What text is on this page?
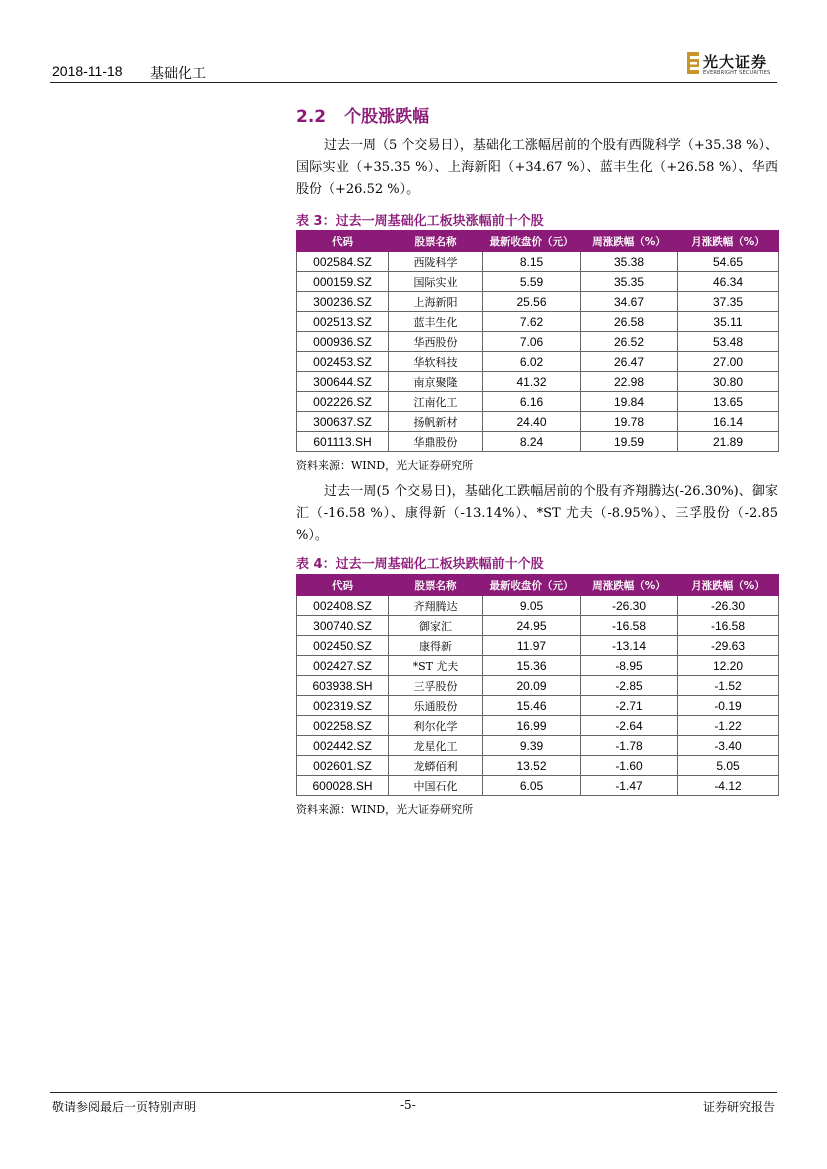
2018-11-18 基础化工
光大证券
EVERBRIGHT SECURITIES
2.2 个股涨跌幅
过去一周（5 个交易日），基础化工涨幅居前的个股有西陇科学（+35.38 %）、国际实业（+35.35 %）、上海新阳（+34.67 %）、蓝丰生化（+26.58 %）、华西股份（+26.52 %）。
表 3：过去一周基础化工板块涨幅前十个股
代码	股票名称	最新收盘价（元）	周涨跌幅（%）	月涨跌幅（%）
002584.SZ	西陇科学	8.15	35.38	54.65
000159.SZ	国际实业	5.59	35.35	46.34
300236.SZ	上海新阳	25.56	34.67	37.35
002513.SZ	蓝丰生化	7.62	26.58	35.11
000936.SZ	华西股份	7.06	26.52	53.48
002453.SZ	华软科技	6.02	26.47	27.00
300644.SZ	南京聚隆	41.32	22.98	30.80
002226.SZ	江南化工	6.16	19.84	13.65
300637.SZ	扬帆新材	24.40	19.78	16.14
601113.SH	华鼎股份	8.24	19.59	21.89
资料来源：WIND，光大证券研究所
过去一周(5 个交易日)，基础化工跌幅居前的个股有齐翔腾达(-26.30%)、御家汇（-16.58 %）、康得新（-13.14%）、*ST 尤夫（-8.95%）、三孚股份（-2.85 %）。
表 4：过去一周基础化工板块跌幅前十个股
代码	股票名称	最新收盘价（元）	周涨跌幅（%）	月涨跌幅（%）
002408.SZ	齐翔腾达	9.05	-26.30	-26.30
300740.SZ	御家汇	24.95	-16.58	-16.58
002450.SZ	康得新	11.97	-13.14	-29.63
002427.SZ	*ST 尤夫	15.36	-8.95	12.20
603938.SH	三孚股份	20.09	-2.85	-1.52
002319.SZ	乐通股份	15.46	-2.71	-0.19
002258.SZ	利尔化学	16.99	-2.64	-1.22
002442.SZ	龙星化工	9.39	-1.78	-3.40
002601.SZ	龙蟒佰利	13.52	-1.60	5.05
600028.SH	中国石化	6.05	-1.47	-4.12
资料来源：WIND，光大证券研究所
敬请参阅最后一页特别声明	-5-	证券研究报告
